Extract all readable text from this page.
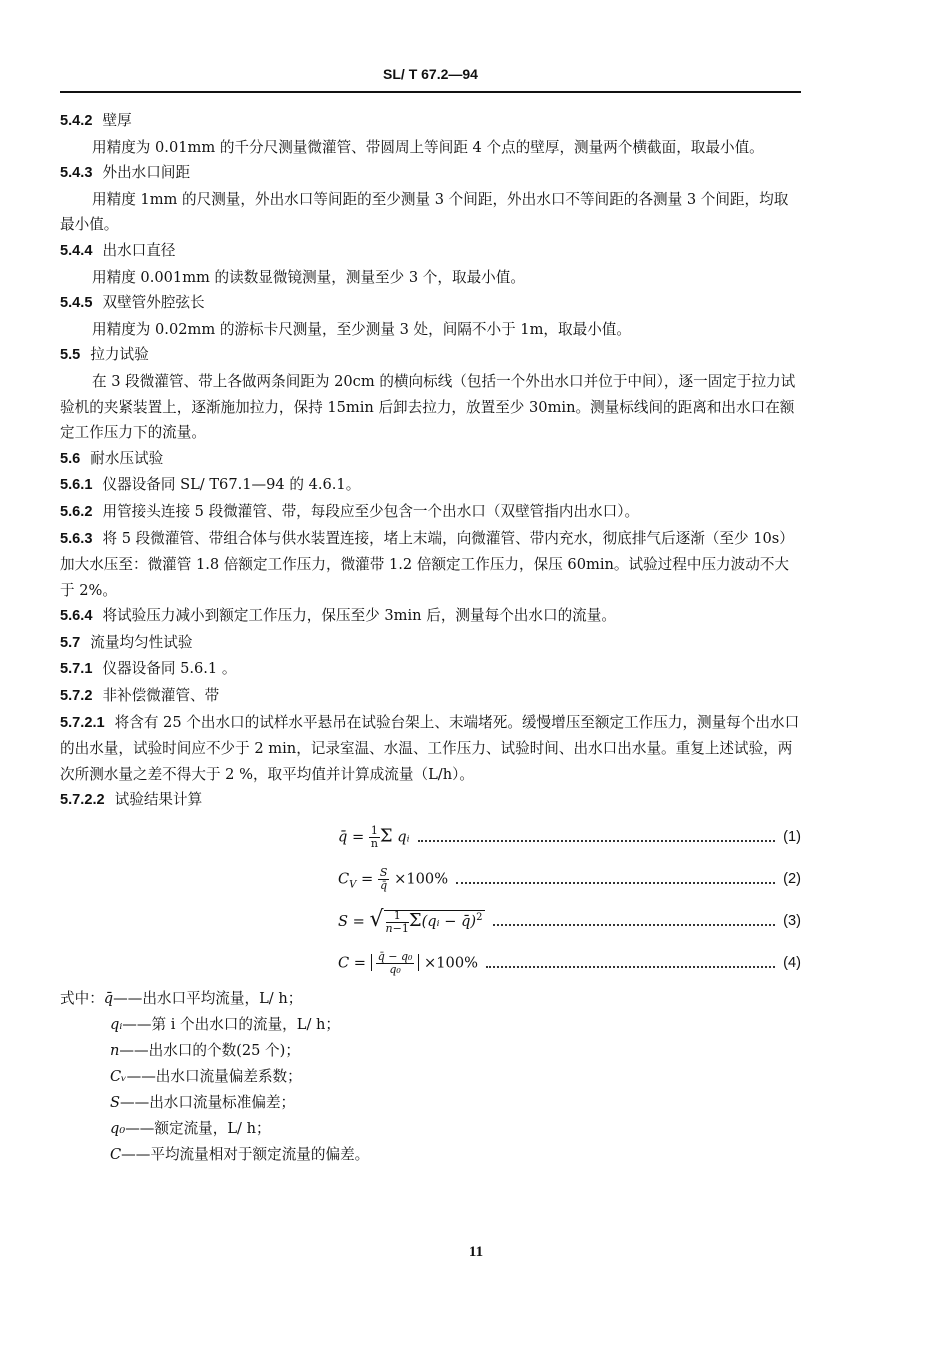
SL/ T 67.2—94

5.4.2 壁厚

用精度为 0.01mm 的千分尺测量微灌管、带圆周上等间距 4 个点的壁厚，测量两个横截面，取最小值。

5.4.3 外出水口间距

用精度 1mm 的尺测量，外出水口等间距的至少测量 3 个间距，外出水口不等间距的各测量 3 个间距，均取最小值。

5.4.4 出水口直径

用精度 0.001mm 的读数显微镜测量，测量至少 3 个，取最小值。

5.4.5 双壁管外腔弦长

用精度为 0.02mm 的游标卡尺测量，至少测量 3 处，间隔不小于 1m，取最小值。

5.5 拉力试验

在 3 段微灌管、带上各做两条间距为 20cm 的横向标线（包括一个外出水口并位于中间），逐一固定于拉力试验机的夹紧装置上，逐渐施加拉力，保持 15min 后卸去拉力，放置至少 30min。测量标线间的距离和出水口在额定工作压力下的流量。

5.6 耐水压试验

5.6.1 仪器设备同 SL/ T67.1—94 的 4.6.1。

5.6.2 用管接头连接 5 段微灌管、带，每段应至少包含一个出水口（双壁管指内出水口）。

5.6.3 将 5 段微灌管、带组合体与供水装置连接，堵上末端，向微灌管、带内充水，彻底排气后逐渐（至少 10s）加大水压至：微灌管 1.8 倍额定工作压力，微灌带 1.2 倍额定工作压力，保压 60min。试验过程中压力波动不大于 2%。

5.6.4 将试验压力减小到额定工作压力，保压至少 3min 后，测量每个出水口的流量。

5.7 流量均匀性试验

5.7.1 仪器设备同 5.6.1 。

5.7.2 非补偿微灌管、带

5.7.2.1 将含有 25 个出水口的试样水平悬吊在试验台架上、末端堵死。缓慢增压至额定工作压力，测量每个出水口的出水量，试验时间应不少于 2 min，记录室温、水温、工作压力、试验时间、出水口出水量。重复上述试验，两次所测水量之差不得大于 2 %，取平均值并计算成流量（L/h）。

5.7.2.2 试验结果计算

q̄ = $\frac{1}{n}$ Σ qᵢ	(1)
$C_V = \frac{S}{q̄} \times 100\%$	(2)
S = √ $\frac{1}{n-1}$ Σ(qᵢ − q̄)$^2$	(3)
$C = \frac{\text{q̄ − q₀}}{\text{q₀}} \times 100\%$	(4)
式中：q̄——出水口平均流量，L/ h；
qᵢ——第 i 个出水口的流量，L/ h；
n——出水口的个数(25 个)；
Cᵥ——出水口流量偏差系数；
S——出水口流量标准偏差；
q₀——额定流量，L/ h；
C——平均流量相对于额定流量的偏差。
11
